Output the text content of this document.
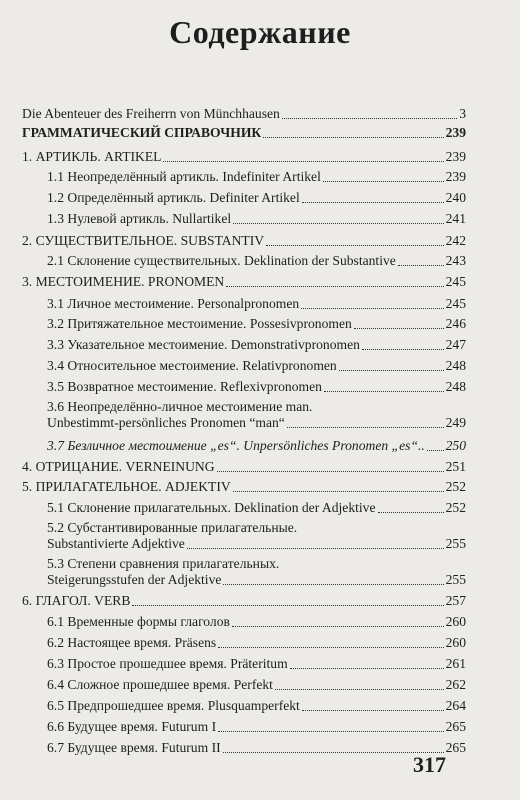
Содержание
Die Abenteuer des Freiherrn von Münchhausen	3
ГРАММАТИЧЕСКИЙ СПРАВОЧНИК	239
1. АРТИКЛЬ. ARTIKEL	239
1.1 Неопределённый артикль. Indefiniter Artikel	239
1.2 Определённый артикль. Definiter Artikel	240
1.3 Нулевой артикль. Nullartikel	241
2. СУЩЕСТВИТЕЛЬНОЕ. SUBSTANTIV	242
2.1 Склонение существительных. Deklination der Substantive	243
3. МЕСТОИМЕНИЕ. PRONOMEN	245
3.1 Личное местоимение. Personalpronomen	245
3.2 Притяжательное местоимение. Possesivpronomen	246
3.3 Указательное местоимение. Demonstrativpronomen	247
3.4 Относительное местоимение. Relativpronomen	248
3.5 Возвратное местоимение. Reflexivpronomen	248
3.6 Неопределённо-личное местоимение man.
Unbestimmt-persönliches Pronomen “man“	249
3.7 Безличное местоимение „es“. Unpersönliches Pronomen „es“.. 250
4. ОТРИЦАНИЕ. VERNEINUNG	251
5. ПРИЛАГАТЕЛЬНОЕ. ADJEKTIV	252
5.1 Склонение прилагательных. Deklination der Adjektive	252
5.2 Субстантивированные прилагательные.
Substantivierte Adjektive	255
5.3 Степени сравнения прилагательных.
Steigerungsstufen der Adjektive	255
6. ГЛАГОЛ. VERB	257
6.1 Временные формы глаголов	260
6.2 Настоящее время. Präsens	260
6.3 Простое прошедшее время. Präteritum	261
6.4 Сложное прошедшее время. Perfekt	262
6.5 Предпрошедшее время. Plusquamperfekt	264
6.6 Будущее время. Futurum I	265
6.7 Будущее время. Futurum II	265
317
